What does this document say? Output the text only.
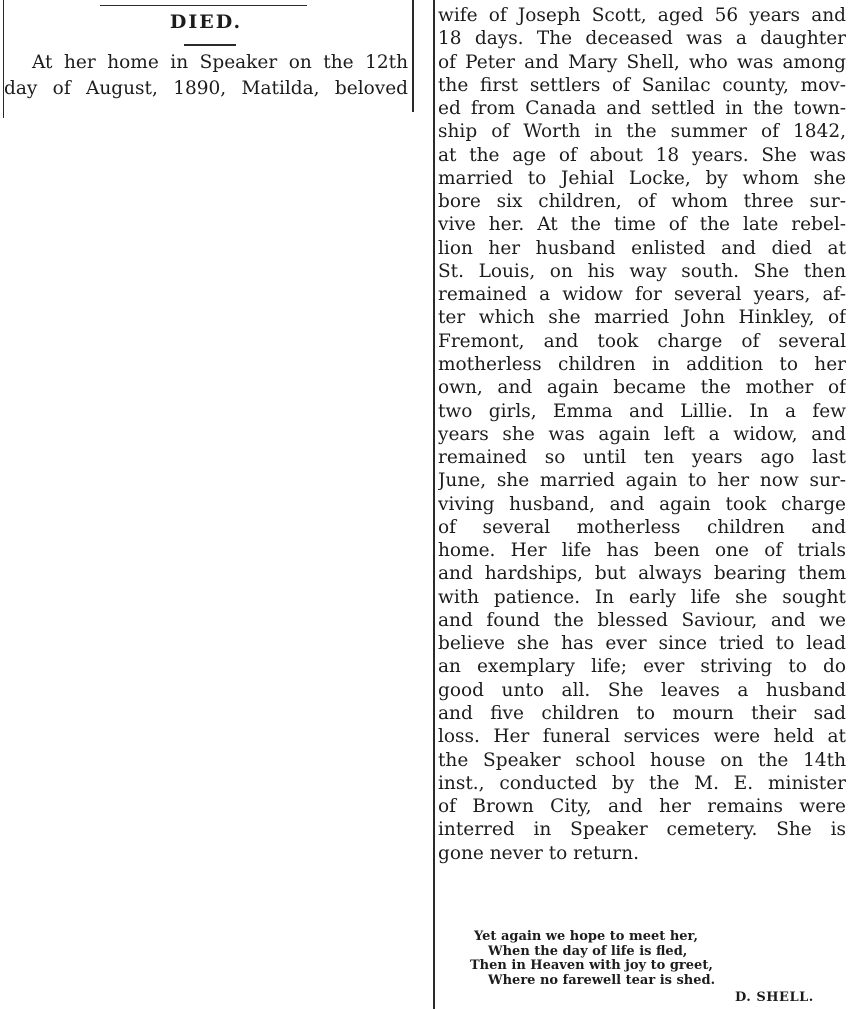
DIED.
At her home in Speaker on the 12th
day of August, 1890, Matilda, beloved
wife of Joseph Scott, aged 56 years and
18 days. The deceased was a daughter
of Peter and Mary Shell, who was among
the first settlers of Sanilac county, mov-
ed from Canada and settled in the town-
ship of Worth in the summer of 1842,
at the age of about 18 years. She was
married to Jehial Locke, by whom she
bore six children, of whom three sur-
vive her. At the time of the late rebel-
lion her husband enlisted and died at
St. Louis, on his way south. She then
remained a widow for several years, af-
ter which she married John Hinkley, of
Fremont, and took charge of several
motherless children in addition to her
own, and again became the mother of
two girls, Emma and Lillie. In a few
years she was again left a widow, and
remained so until ten years ago last
June, she married again to her now sur-
viving husband, and again took charge
of several motherless children and
home. Her life has been one of trials
and hardships, but always bearing them
with patience. In early life she sought
and found the blessed Saviour, and we
believe she has ever since tried to lead
an exemplary life; ever striving to do
good unto all. She leaves a husband
and five children to mourn their sad
loss. Her funeral services were held at
the Speaker school house on the 14th
inst., conducted by the M. E. minister
of Brown City, and her remains were
interred in Speaker cemetery. She is
gone never to return.
Yet again we hope to meet her,
When the day of life is fled,
Then in Heaven with joy to greet,
Where no farewell tear is shed.
D. SHELL.
